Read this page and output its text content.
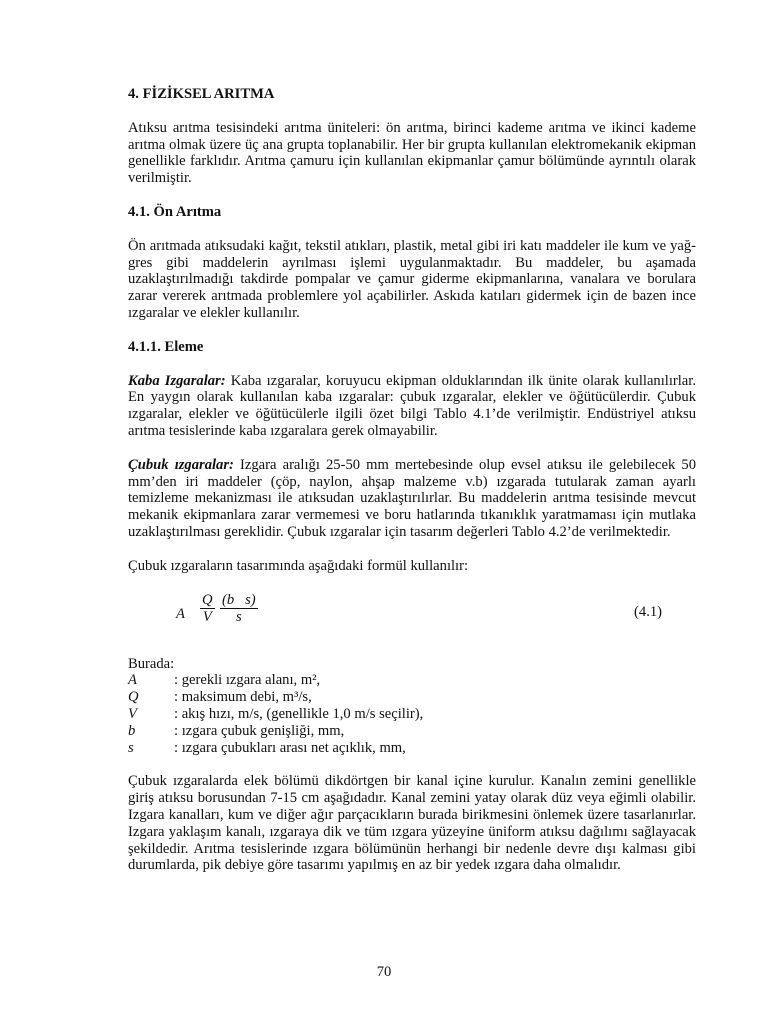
4. FİZİKSEL ARITMA

Atıksu arıtma tesisindeki arıtma üniteleri: ön arıtma, birinci kademe arıtma ve ikinci kademe arıtma olmak üzere üç ana grupta toplanabilir. Her bir grupta kullanılan elektromekanik ekipman genellikle farklıdır. Arıtma çamuru için kullanılan ekipmanlar çamur bölümünde ayrıntılı olarak verilmiştir.

4.1. Ön Arıtma

Ön arıtmada atıksudaki kağıt, tekstil atıkları, plastik, metal gibi iri katı maddeler ile kum ve yağ-gres gibi maddelerin ayrılması işlemi uygulanmaktadır. Bu maddeler, bu aşamada uzaklaştırılmadığı takdirde pompalar ve çamur giderme ekipmanlarına, vanalara ve borulara zarar vererek arıtmada problemlere yol açabilirler. Askıda katıları gidermek için de bazen ince ızgaralar ve elekler kullanılır.

4.1.1. Eleme

Kaba Izgaralar: Kaba ızgaralar, koruyucu ekipman olduklarından ilk ünite olarak kullanılırlar. En yaygın olarak kullanılan kaba ızgaralar: çubuk ızgaralar, elekler ve öğütücülerdir. Çubuk ızgaralar, elekler ve öğütücülerle ilgili özet bilgi Tablo 4.1’de verilmiştir. Endüstriyel atıksu arıtma tesislerinde kaba ızgaralara gerek olmayabilir.

Çubuk ızgaralar: Izgara aralığı 25-50 mm mertebesinde olup evsel atıksu ile gelebilecek 50 mm’den iri maddeler (çöp, naylon, ahşap malzeme v.b) ızgarada tutularak zaman ayarlı temizleme mekanizması ile atıksudan uzaklaştırılırlar. Bu maddelerin arıtma tesisinde mevcut mekanik ekipmanlara zarar vermemesi ve boru hatlarında tıkanıklık yaratmaması için mutlaka uzaklaştırılması gereklidir. Çubuk ızgaralar için tasarım değerleri Tablo 4.2’de verilmektedir.

Çubuk ızgaraların tasarımında aşağıdaki formül kullanılır:

A $\frac{Q}{V} \frac{\text{(b   s)}}{s}$	(4.1)
Burada:
A	: gerekli ızgara alanı, m²,
Q	: maksimum debi, m³/s,
V	: akış hızı, m/s, (genellikle 1,0 m/s seçilir),
b	: ızgara çubuk genişliği, mm,
s	: ızgara çubukları arası net açıklık, mm,

Çubuk ızgaralarda elek bölümü dikdörtgen bir kanal içine kurulur. Kanalın zemini genellikle giriş atıksu borusundan 7-15 cm aşağıdadır. Kanal zemini yatay olarak düz veya eğimli olabilir. Izgara kanalları, kum ve diğer ağır parçacıkların burada birikmesini önlemek üzere tasarlanırlar. Izgara yaklaşım kanalı, ızgaraya dik ve tüm ızgara yüzeyine üniform atıksu dağılımı sağlayacak şekildedir. Arıtma tesislerinde ızgara bölümünün herhangi bir nedenle devre dışı kalması gibi durumlarda, pik debiye göre tasarımı yapılmış en az bir yedek ızgara daha olmalıdır.

70
